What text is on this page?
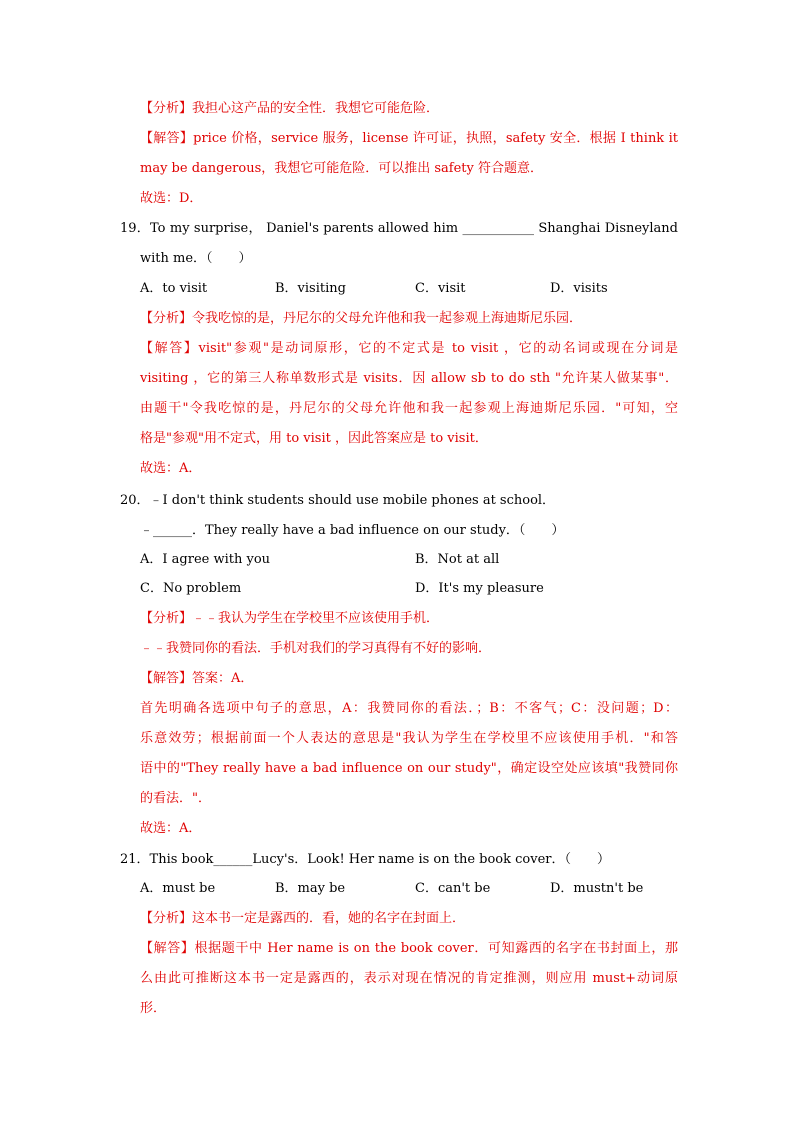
【分析】我担心这产品的安全性．我想它可能危险．
【解答】price 价格，service 服务，license 许可证，执照，safety 安全．根据 I think it
may be dangerous，我想它可能危险．可以推出 safety 符合题意．
故选：D．
19．To my surprise， Daniel's parents allowed him ___________ Shanghai Disneyland
with me．（　　）
A．to visit	B．visiting	C．visit	D．visits
【分析】令我吃惊的是，丹尼尔的父母允许他和我一起参观上海迪斯尼乐园．
【解答】visit"参观"是动词原形，它的不定式是 to visit ，它的动名词或现在分词是
visiting ，它的第三人称单数形式是 visits．因 allow sb to do sth "允许某人做某事"．
由题干"令我吃惊的是，丹尼尔的父母允许他和我一起参观上海迪斯尼乐园．"可知，空
格是"参观"用不定式，用 to visit ，因此答案应是 to visit．
故选：A．
20．﹣I don't think students should use mobile phones at school．
﹣______．They really have a bad influence on our study．（　　）
A．I agree with you	B．Not at all
C．No problem	D．It's my pleasure
【分析】﹣﹣我认为学生在学校里不应该使用手机．
﹣﹣我赞同你的看法．手机对我们的学习真得有不好的影响．
【解答】答案：A．
首先明确各选项中句子的意思，A：我赞同你的看法．；B：不客气；C：没问题；D：
乐意效劳；根据前面一个人表达的意思是"我认为学生在学校里不应该使用手机．"和答
语中的"They really have a bad influence on our study"，确定设空处应该填"我赞同你
的看法．"．
故选：A．
21．This book______Lucy's．Look! Her name is on the book cover．（　　）
A．must be	B．may be	C．can't be	D．mustn't be
【分析】这本书一定是露西的．看，她的名字在封面上．
【解答】根据题干中 Her name is on the book cover．可知露西的名字在书封面上，那
么由此可推断这本书一定是露西的，表示对现在情况的肯定推测，则应用 must+动词原
形．
